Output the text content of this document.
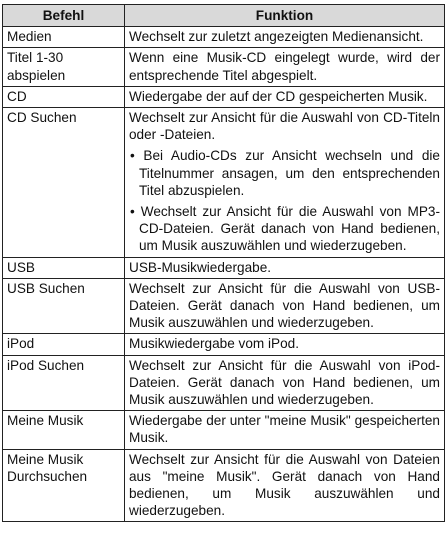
Befehl	Funktion
Medien	Wechselt zur zuletzt angezeigten Medienansicht.
Titel 1-30 abspielen	Wenn eine Musik-CD eingelegt wurde, wird der entsprechende Titel abgespielt.
CD	Wiedergabe der auf der CD gespeicherten Musik.
CD Suchen	Wechselt zur Ansicht für die Auswahl von CD-Titeln oder -Dateien.
• Bei Audio-CDs zur Ansicht wechseln und die Titelnummer ansagen, um den entsprechenden Titel abzuspielen.
• Wechselt zur Ansicht für die Auswahl von MP3-CD-Dateien. Gerät danach von Hand bedienen, um Musik auszuwählen und wiederzugeben.

USB	USB-Musikwiedergabe.
USB Suchen	Wechselt zur Ansicht für die Auswahl von USB-Dateien. Gerät danach von Hand bedienen, um Musik auszuwählen und wiederzugeben.
iPod	Musikwiedergabe vom iPod.
iPod Suchen	Wechselt zur Ansicht für die Auswahl von iPod-Dateien. Gerät danach von Hand bedienen, um Musik auszuwählen und wiederzugeben.
Meine Musik	Wiedergabe der unter "meine Musik" gespeicherten Musik.
Meine Musik Durchsuchen	Wechselt zur Ansicht für die Auswahl von Dateien aus "meine Musik". Gerät danach von Hand bedienen, um Musik auszuwählen und wiederzugeben.
